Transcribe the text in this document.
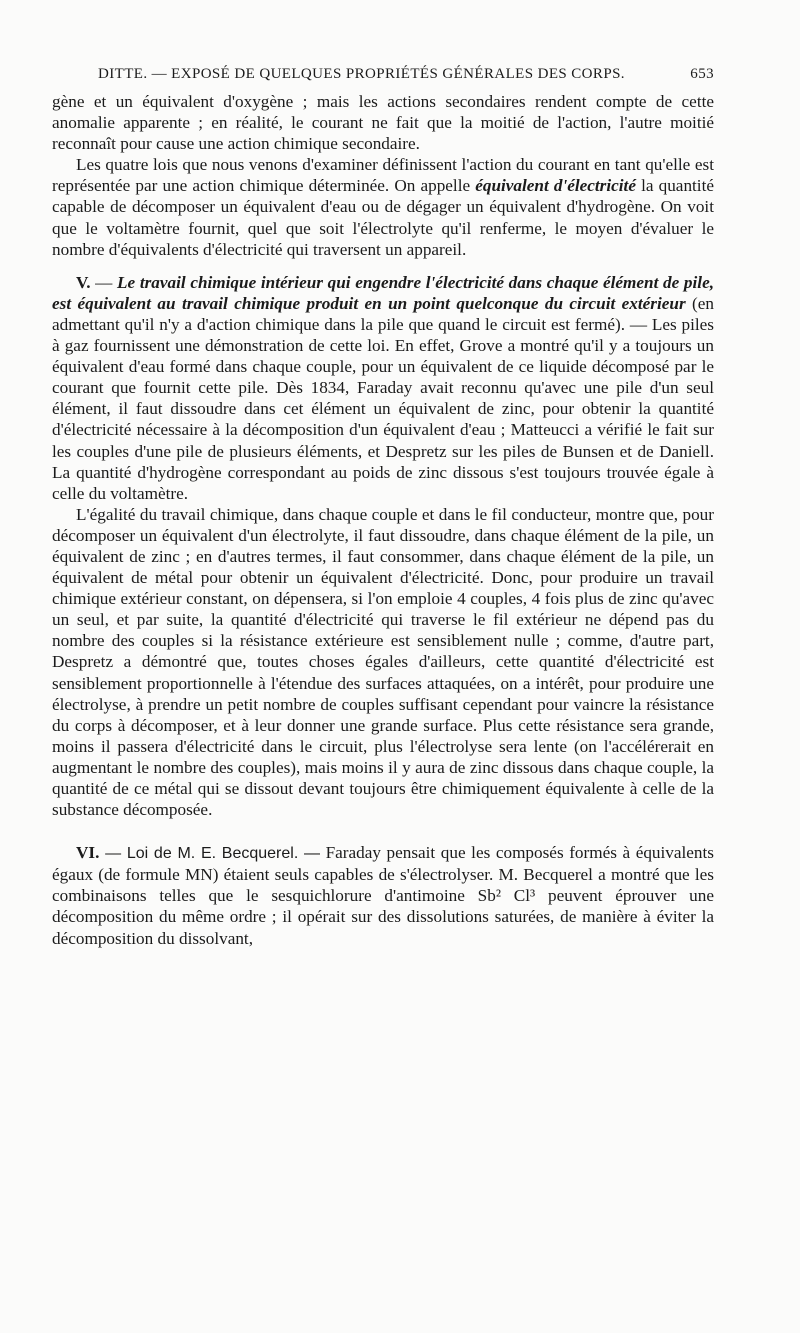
DITTE. — EXPOSÉ DE QUELQUES PROPRIÉTÉS GÉNÉRALES DES CORPS.	653

gène et un équivalent d'oxygène ; mais les actions secondaires rendent compte de cette anomalie apparente ; en réalité, le courant ne fait que la moitié de l'action, l'autre moitié reconnaît pour cause une action chimique secondaire.

Les quatre lois que nous venons d'examiner définissent l'action du courant en tant qu'elle est représentée par une action chimique déterminée. On appelle équivalent d'électricité la quantité capable de décomposer un équivalent d'eau ou de dégager un équivalent d'hydrogène. On voit que le voltamètre fournit, quel que soit l'électrolyte qu'il renferme, le moyen d'évaluer le nombre d'équivalents d'électricité qui traversent un appareil.

V. — Le travail chimique intérieur qui engendre l'électricité dans chaque élément de pile, est équivalent au travail chimique produit en un point quelconque du circuit extérieur (en admettant qu'il n'y a d'action chimique dans la pile que quand le circuit est fermé). — Les piles à gaz fournissent une démonstration de cette loi. En effet, Grove a montré qu'il y a toujours un équivalent d'eau formé dans chaque couple, pour un équivalent de ce liquide décomposé par le courant que fournit cette pile. Dès 1834, Faraday avait reconnu qu'avec une pile d'un seul élément, il faut dissoudre dans cet élément un équivalent de zinc, pour obtenir la quantité d'électricité nécessaire à la décomposition d'un équivalent d'eau ; Matteucci a vérifié le fait sur les couples d'une pile de plusieurs éléments, et Despretz sur les piles de Bunsen et de Daniell. La quantité d'hydrogène correspondant au poids de zinc dissous s'est toujours trouvée égale à celle du voltamètre.

L'égalité du travail chimique, dans chaque couple et dans le fil conducteur, montre que, pour décomposer un équivalent d'un électrolyte, il faut dissoudre, dans chaque élément de la pile, un équivalent de zinc ; en d'autres termes, il faut consommer, dans chaque élément de la pile, un équivalent de métal pour obtenir un équivalent d'électricité. Donc, pour produire un travail chimique extérieur constant, on dépensera, si l'on emploie 4 couples, 4 fois plus de zinc qu'avec un seul, et par suite, la quantité d'électricité qui traverse le fil extérieur ne dépend pas du nombre des couples si la résistance extérieure est sensiblement nulle ; comme, d'autre part, Despretz a démontré que, toutes choses égales d'ailleurs, cette quantité d'électricité est sensiblement proportionnelle à l'étendue des surfaces attaquées, on a intérêt, pour produire une électrolyse, à prendre un petit nombre de couples suffisant cependant pour vaincre la résistance du corps à décomposer, et à leur donner une grande surface. Plus cette résistance sera grande, moins il passera d'électricité dans le circuit, plus l'électrolyse sera lente (on l'accélérerait en augmentant le nombre des couples), mais moins il y aura de zinc dissous dans chaque couple, la quantité de ce métal qui se dissout devant toujours être chimiquement équivalente à celle de la substance décomposée.

VI. — Loi de M. E. Becquerel. — Faraday pensait que les composés formés à équivalents égaux (de formule MN) étaient seuls capables de s'électrolyser. M. Becquerel a montré que les combinaisons telles que le sesquichlorure d'antimoine Sb² Cl³ peuvent éprouver une décomposition du même ordre ; il opérait sur des dissolutions saturées, de manière à éviter la décomposition du dissolvant,
